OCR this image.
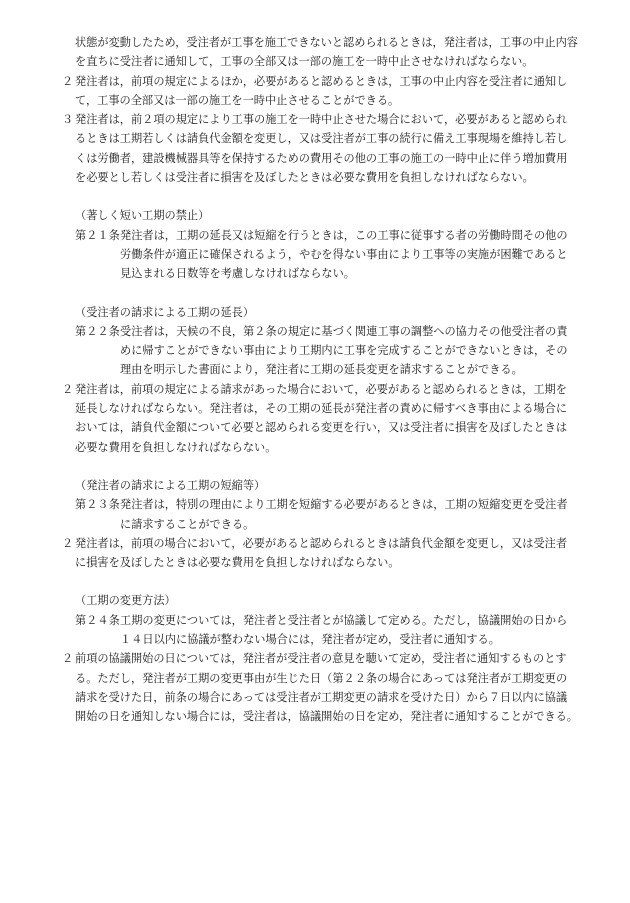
状態が変動したため，受注者が工事を施工できないと認められるときは，発注者は，工事の中止内容を直ちに受注者に通知して，工事の全部又は一部の施工を一時中止させなければならない。

２ 発注者は，前項の規定によるほか，必要があると認めるときは，工事の中止内容を受注者に通知して，工事の全部又は一部の施工を一時中止させることができる。
３ 発注者は，前２項の規定により工事の施工を一時中止させた場合において，必要があると認められるときは工期若しくは請負代金額を変更し，又は受注者が工事の続行に備え工事現場を維持し若しくは労働者，建設機械器具等を保持するための費用その他の工事の施工の一時中止に伴う増加費用を必要とし若しくは受注者に損害を及ぼしたときは必要な費用を負担しなければならない。

（著しく短い工期の禁止）

第２１条発注者は，工期の延長又は短縮を行うときは，この工事に従事する者の労働時間その他の労働条件が適正に確保されるよう，やむを得ない事由により工事等の実施が困難であると見込まれる日数等を考慮しなければならない。

（受注者の請求による工期の延長）

第２２条受注者は，天候の不良，第２条の規定に基づく関連工事の調整への協力その他受注者の責めに帰すことができない事由により工期内に工事を完成することができないときは，その理由を明示した書面により，発注者に工期の延長変更を請求することができる。

２ 発注者は，前項の規定による請求があった場合において，必要があると認められるときは，工期を延長しなければならない。発注者は，その工期の延長が発注者の責めに帰すべき事由による場合においては，請負代金額について必要と認められる変更を行い，又は受注者に損害を及ぼしたときは必要な費用を負担しなければならない。

（発注者の請求による工期の短縮等）

第２３条発注者は，特別の理由により工期を短縮する必要があるときは，工期の短縮変更を受注者に請求することができる。

２ 発注者は，前項の場合において，必要があると認められるときは請負代金額を変更し，又は受注者に損害を及ぼしたときは必要な費用を負担しなければならない。

（工期の変更方法）

第２４条工期の変更については，発注者と受注者とが協議して定める。ただし，協議開始の日から１４日以内に協議が整わない場合には，発注者が定め，受注者に通知する。

２ 前項の協議開始の日については，発注者が受注者の意見を聴いて定め，受注者に通知するものとする。ただし，発注者が工期の変更事由が生じた日（第２２条の場合にあっては発注者が工期変更の請求を受けた日，前条の場合にあっては受注者が工期変更の請求を受けた日）から７日以内に協議開始の日を通知しない場合には，受注者は，協議開始の日を定め，発注者に通知することができる。
